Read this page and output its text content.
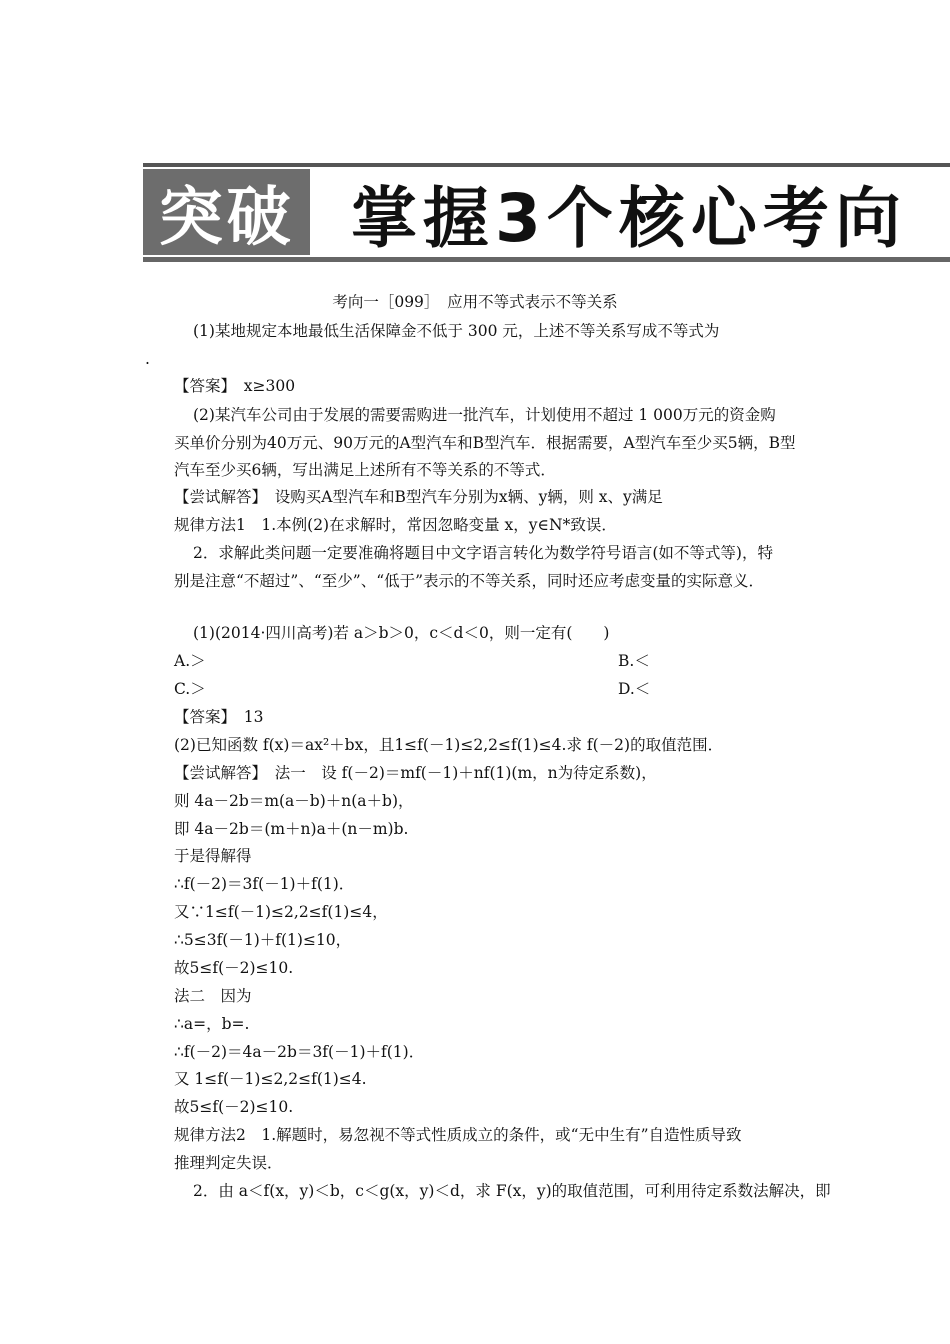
突破 掌握3个核心考向
考向一［099］　应用不等式表示不等关系
(1)某地规定本地最低生活保障金不低于 300 元，上述不等关系写成不等式为
.
【答案】　x≥300
(2)某汽车公司由于发展的需要需购进一批汽车，计划使用不超过 1 000万元的资金购
买单价分别为40万元、90万元的A型汽车和B型汽车．根据需要，A型汽车至少买5辆，B型
汽车至少买6辆，写出满足上述所有不等关系的不等式．
【尝试解答】　设购买A型汽车和B型汽车分别为x辆、y辆，则 x、y满足
规律方法1　1.本例(2)在求解时，常因忽略变量 x，y∈N*致误．
2．求解此类问题一定要准确将题目中文字语言转化为数学符号语言(如不等式等)，特
别是注意“不超过”、“至少”、“低于”表示的不等关系，同时还应考虑变量的实际意义．
(1)(2014·四川高考)若 a＞b＞0，c＜d＜0，则一定有(　　)
A.＞	B.＜
C.＞	D.＜
【答案】　13
(2)已知函数 f(x)＝ax²＋bx，且1≤f(－1)≤2,2≤f(1)≤4.求 f(－2)的取值范围．
【尝试解答】　法一　设 f(－2)＝mf(－1)＋nf(1)(m，n为待定系数)，
则 4a－2b＝m(a－b)＋n(a＋b)，
即 4a－2b＝(m＋n)a＋(n－m)b.
于是得解得
∴f(－2)＝3f(－1)＋f(1)．
又∵1≤f(－1)≤2,2≤f(1)≤4，
∴5≤3f(－1)＋f(1)≤10，
故5≤f(－2)≤10.
法二　因为
∴a=，b=.
∴f(－2)＝4a－2b＝3f(－1)＋f(1)．
又 1≤f(－1)≤2,2≤f(1)≤4.
故5≤f(－2)≤10.
规律方法2　1.解题时，易忽视不等式性质成立的条件，或“无中生有”自造性质导致
推理判定失误．
2．由 a＜f(x，y)＜b，c＜g(x，y)＜d，求 F(x，y)的取值范围，可利用待定系数法解决，即
